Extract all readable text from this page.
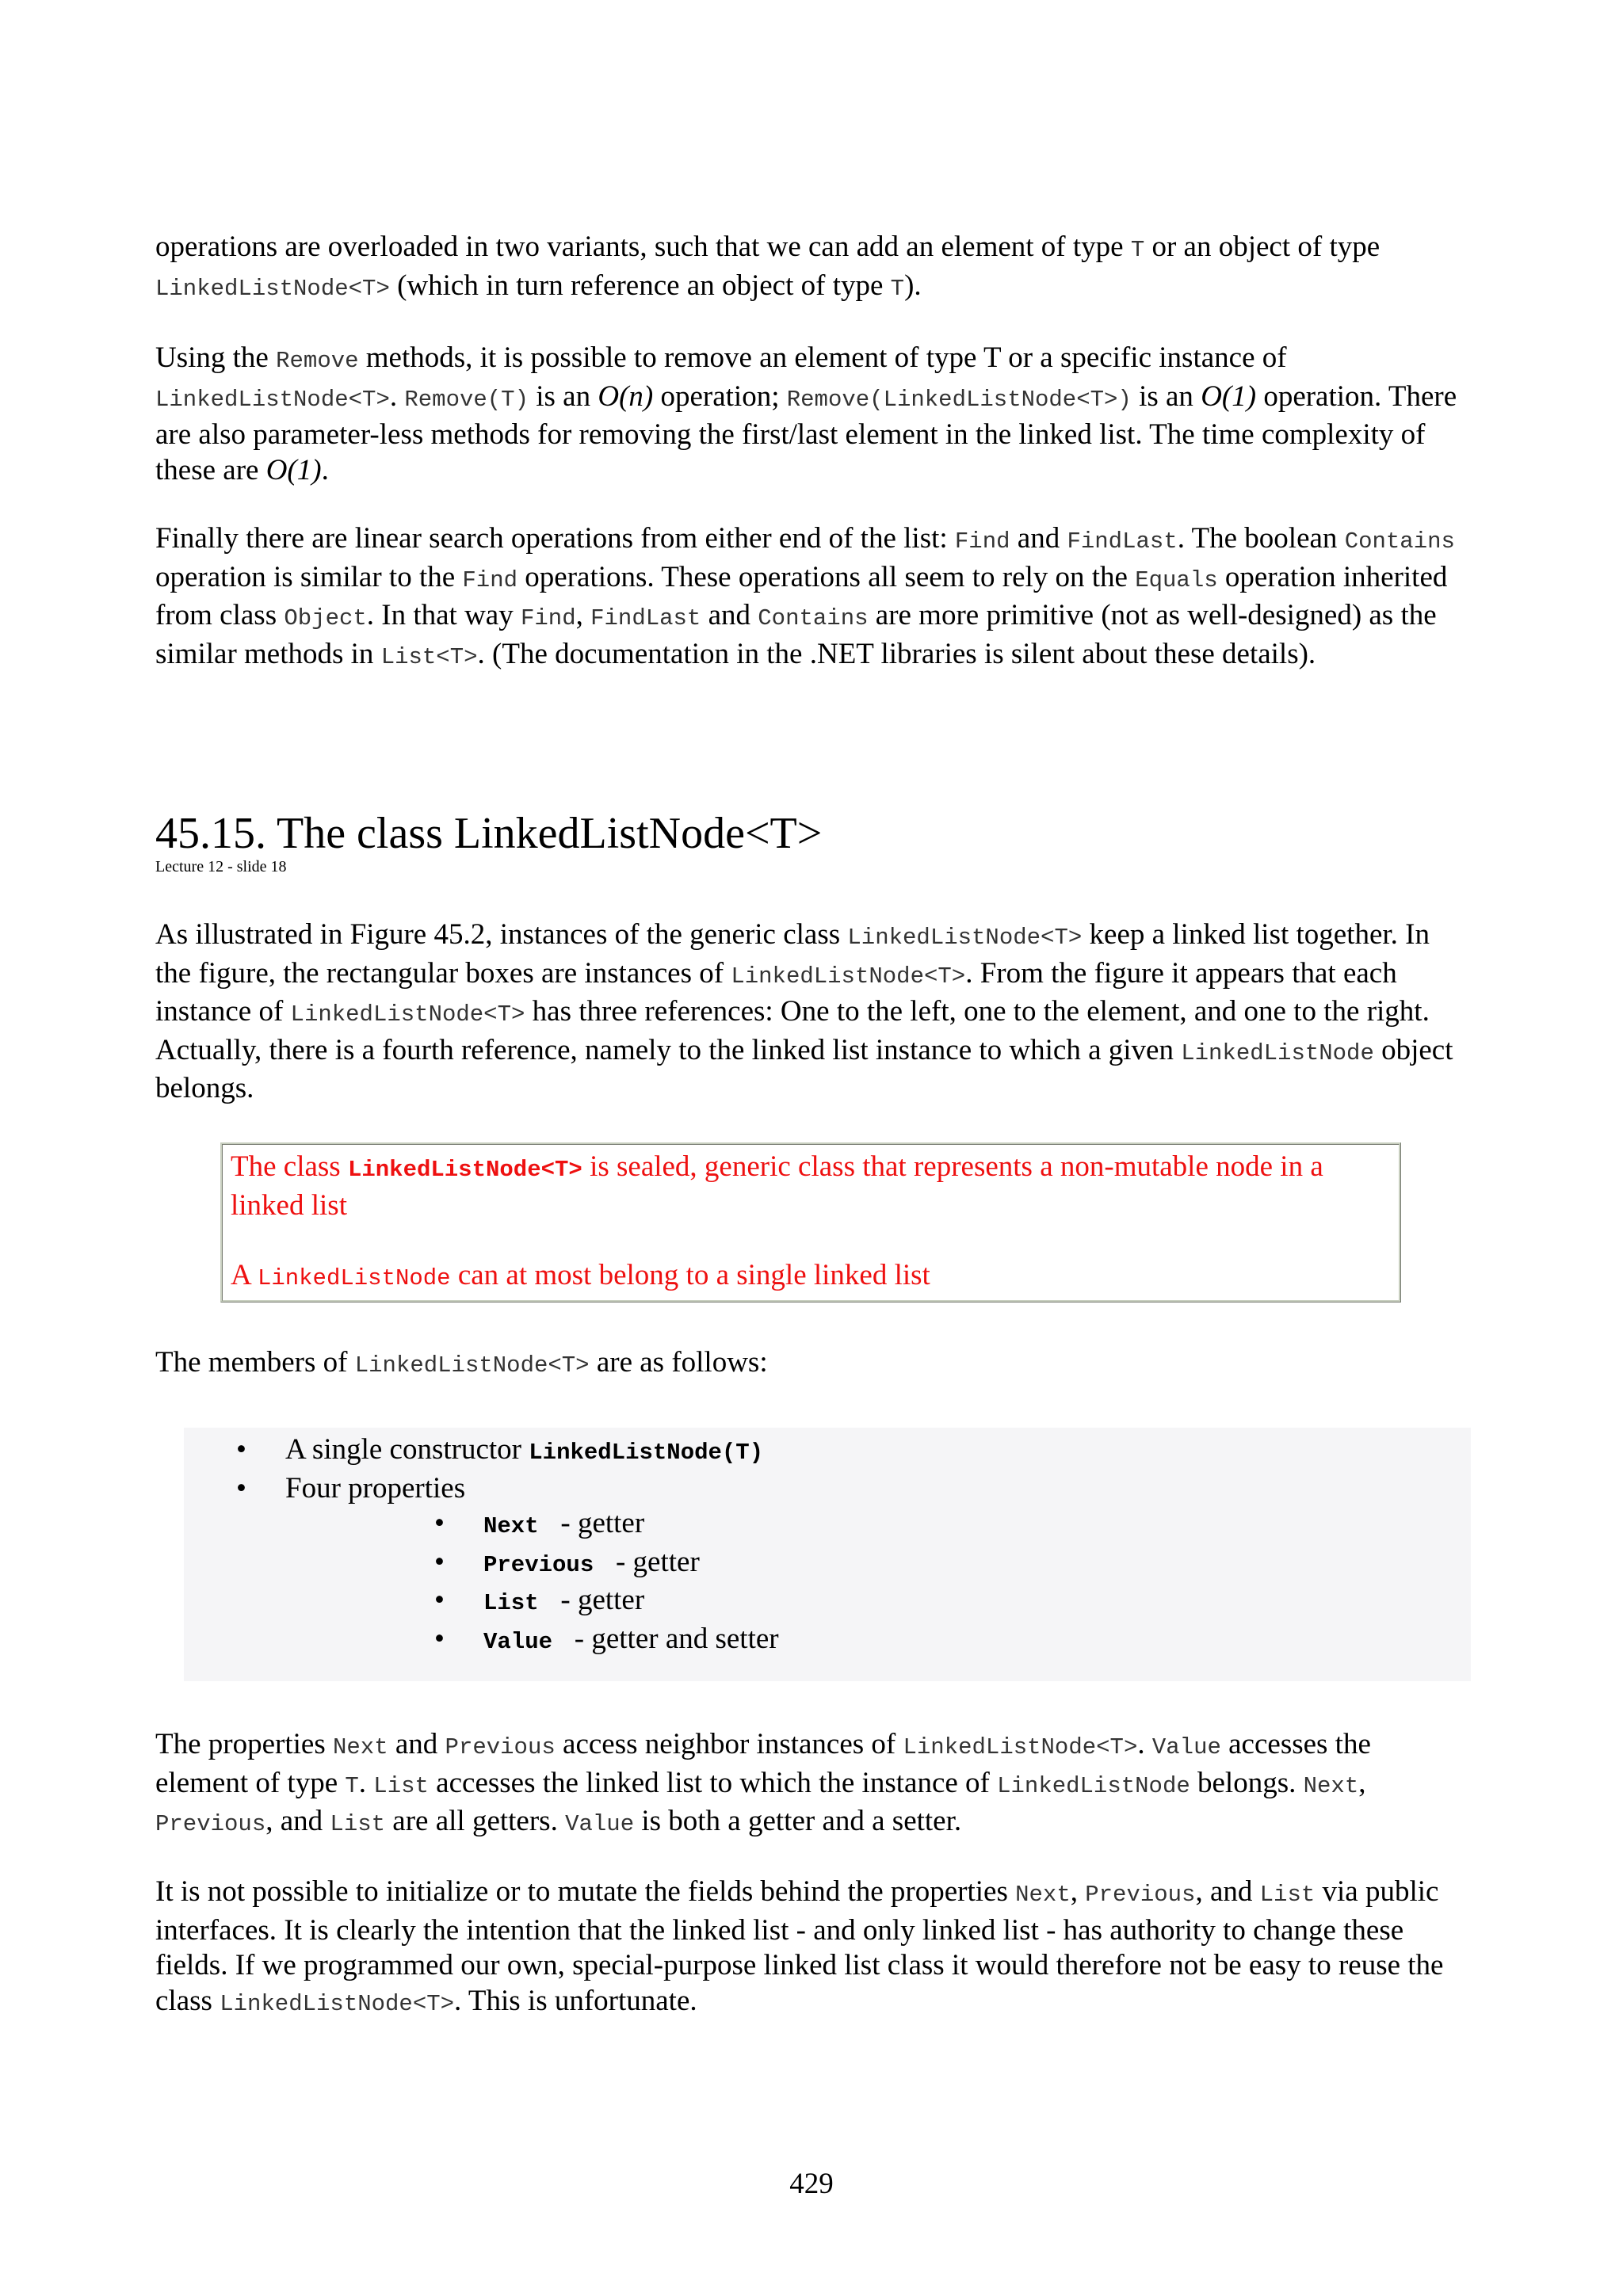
operations are overloaded in two variants, such that we can add an element of type T or an object of type LinkedListNode<T> (which in turn reference an object of type T).

Using the Remove methods, it is possible to remove an element of type T or a specific instance of LinkedListNode<T>. Remove(T) is an O(n) operation; Remove(LinkedListNode<T>) is an O(1) operation. There are also parameter-less methods for removing the first/last element in the linked list. The time complexity of these are O(1).

Finally there are linear search operations from either end of the list: Find and FindLast. The boolean Contains operation is similar to the Find operations. These operations all seem to rely on the Equals operation inherited from class Object. In that way Find, FindLast and Contains are more primitive (not as well-designed) as the similar methods in List<T>. (The documentation in the .NET libraries is silent about these details).

45.15. The class LinkedListNode<T>
Lecture 12 - slide 18

As illustrated in Figure 45.2, instances of the generic class LinkedListNode<T> keep a linked list together. In the figure, the rectangular boxes are instances of LinkedListNode<T>. From the figure it appears that each instance of LinkedListNode<T> has three references: One to the left, one to the element, and one to the right. Actually, there is a fourth reference, namely to the linked list instance to which a given LinkedListNode object belongs.

The class LinkedListNode<T> is sealed, generic class that represents a non-mutable node in a linked list

A LinkedListNode can at most belong to a single linked list

The members of LinkedListNode<T> are as follows:

• A single constructor LinkedListNode(T)
• Four properties
• Next   - getter
• Previous   - getter
• List   - getter
• Value   - getter and setter

The properties Next and Previous access neighbor instances of LinkedListNode<T>. Value accesses the element of type T. List accesses the linked list to which the instance of LinkedListNode belongs. Next, Previous, and List are all getters. Value is both a getter and a setter.

It is not possible to initialize or to mutate the fields behind the properties Next, Previous, and List via public interfaces. It is clearly the intention that the linked list - and only linked list - has authority to change these fields. If we programmed our own, special-purpose linked list class it would therefore not be easy to reuse the class LinkedListNode<T>. This is unfortunate.

429
